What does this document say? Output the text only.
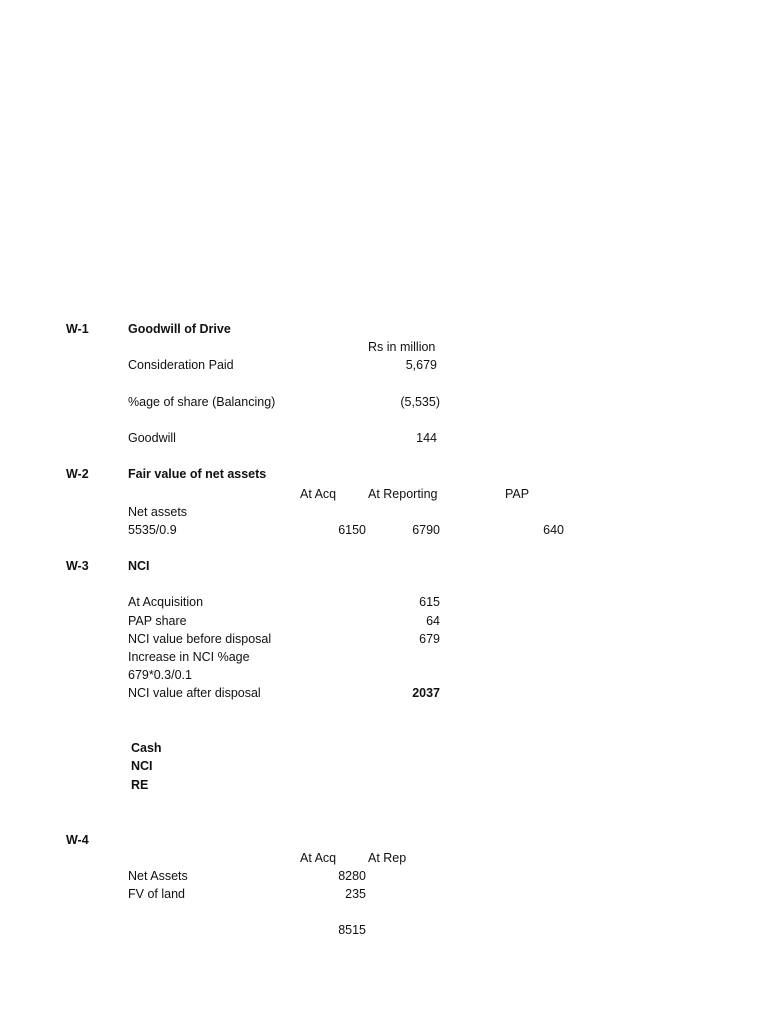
W-1	Goodwill of Drive
Rs in million
Consideration Paid	5,679
%age of share (Balancing)	(5,535)
Goodwill	144
W-2	Fair value of net assets
At Acq	At Reporting	PAP
Net assets
5535/0.9	6150	6790	640
W-3	NCI
At Acquisition	615
PAP share	64
NCI value before disposal	679
Increase in NCI %age
679*0.3/0.1
NCI value after disposal	2037
Cash
NCI
RE
W-4
At Acq	At Rep
Net Assets	8280
FV of land	235
8515
